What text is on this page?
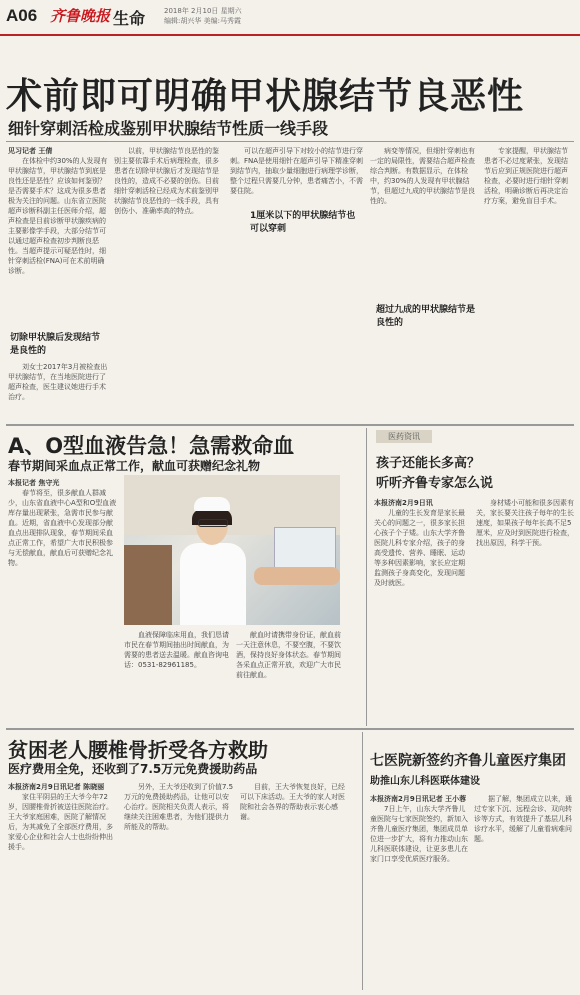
A06 齐鲁晚报 生命	2018年 2月10日 星期六
编辑:胡兴华 美编:马秀霞
术前即可明确甲状腺结节良恶性
细针穿刺活检成鉴别甲状腺结节性质一线手段
见习记者 王倩

在体检中约30%的人发现有甲状腺结节，甲状腺结节到底是良性还是恶性？应该如何鉴别？是否需要手术？这成为很多患者极为关注的问题。山东省立医院超声诊断科副主任医师介绍，超声检查是目前诊断甲状腺疾病的主要影像学手段，大部分结节可以通过超声检查初步判断良恶性。当超声提示可疑恶性时，细针穿刺活检(FNA)可在术前明确诊断。

切除甲状腺后发现结节是良性的

刘女士2017年3月被检查出甲状腺结节，在当地医院进行了超声检查，医生建议她进行手术治疗。

以前，甲状腺结节良恶性的鉴别主要依靠手术后病理检查，很多患者在切除甲状腺后才发现结节是良性的，造成不必要的创伤。目前细针穿刺活检已经成为术前鉴别甲状腺结节良恶性的一线手段，具有创伤小、准确率高的特点。	1厘米以下的甲状腺结节也可以穿刺

可以在超声引导下对较小的结节进行穿刺。FNA是使用细针在超声引导下精准穿刺到结节内，抽取少量细胞进行病理学诊断，整个过程只需要几分钟，患者痛苦小，不需要住院。

超过九成的甲状腺结节是良性的

病变等情况，但细针穿刺也有一定的局限性，需要结合超声检查综合判断。有数据显示，在体检中，约30%的人发现有甲状腺结节，但超过九成的甲状腺结节是良性的。

专家提醒，甲状腺结节患者不必过度紧张，发现结节后应到正规医院进行超声检查，必要时进行细针穿刺活检，明确诊断后再决定治疗方案，避免盲目手术。

A、O型血液告急！急需救命血
春节期间采血点正常工作，献血可获赠纪念礼物
本报记者 焦守光

春节将至，很多献血人群减少，山东省血液中心A型和O型血液库存量出现紧张，急需市民参与献血。近期，省血液中心发现部分献血点出现排队现象，春节期间采血点正常工作，希望广大市民积极参与无偿献血，献血后可获赠纪念礼物。

血液保障临床用血，我们恳请市民在春节期间抽出时间献血，为需要的患者送去温暖。献血咨询电话：0531-82961185。

献血时请携带身份证，献血前一天注意休息，不要空腹，不要饮酒，保持良好身体状态。春节期间各采血点正常开放，欢迎广大市民前往献血。

医药资讯
孩子还能长多高？
听听齐鲁专家怎么说
本报济南2月9日讯

儿童的生长发育是家长最关心的问题之一，很多家长担心孩子个子矮。山东大学齐鲁医院儿科专家介绍，孩子的身高受遗传、营养、睡眠、运动等多种因素影响，家长应定期监测孩子身高变化，发现问题及时就医。

身材矮小可能和很多因素有关，家长要关注孩子每年的生长速度，如果孩子每年长高不足5厘米，应及时到医院进行检查，找出原因，科学干预。

贫困老人腰椎骨折受各方救助
医疗费用全免，还收到了7.5万元免费援助药品
本报济南2月9日讯记者 陈晓丽

家住平阴县的王大爷今年72岁，因腰椎骨折被送往医院治疗。王大爷家庭困难，医院了解情况后，为其减免了全部医疗费用，多家爱心企业和社会人士也纷纷伸出援手。

另外，王大爷还收到了价值7.5万元的免费援助药品，让他可以安心治疗。医院相关负责人表示，将继续关注困难患者，为他们提供力所能及的帮助。

目前，王大爷恢复良好，已经可以下床活动。王大爷的家人对医院和社会各界的帮助表示衷心感谢。

七医院新签约齐鲁儿童医疗集团
助推山东儿科医联体建设
本报济南2月9日讯记者 王小蓉

7日上午，山东大学齐鲁儿童医院与七家医院签约，新加入齐鲁儿童医疗集团，集团成员单位进一步扩大，将有力推动山东儿科医联体建设，让更多患儿在家门口享受优质医疗服务。

据了解，集团成立以来，通过专家下沉、远程会诊、双向转诊等方式，有效提升了基层儿科诊疗水平，缓解了儿童看病难问题。
